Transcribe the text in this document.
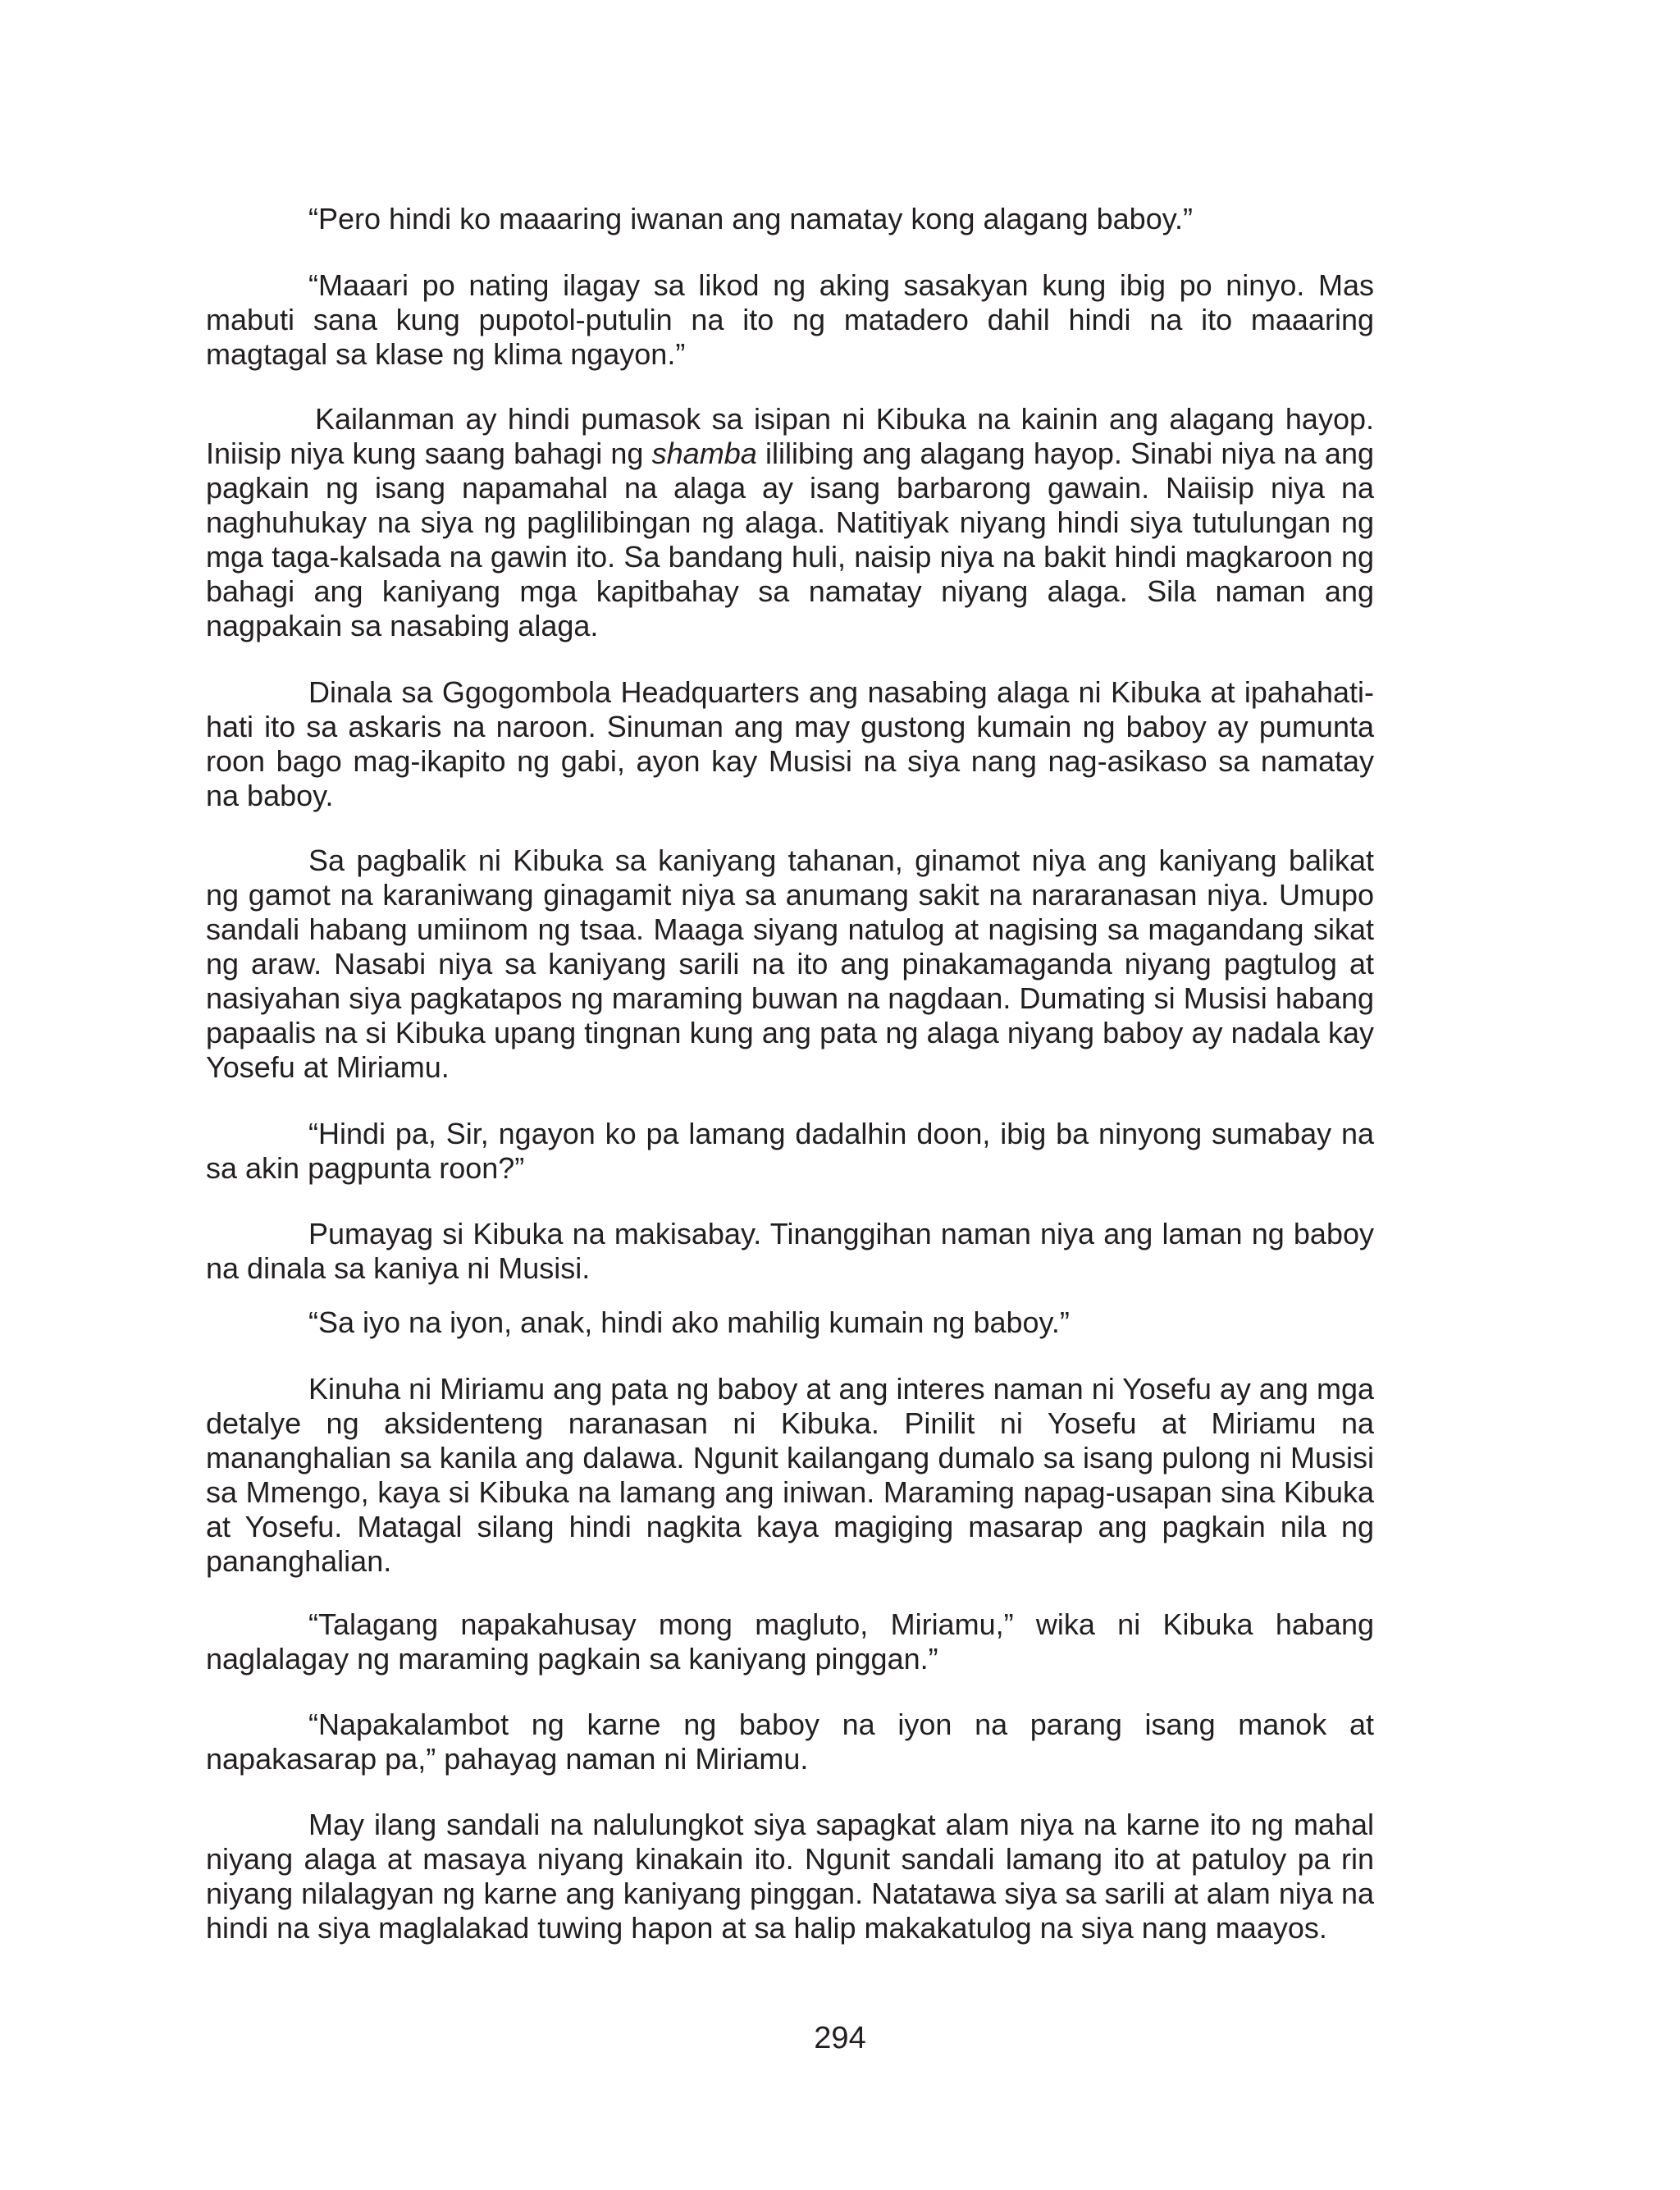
“Pero hindi ko maaaring iwanan ang namatay kong alagang baboy.”

“Maaari po nating ilagay sa likod ng aking sasakyan kung ibig po ninyo. Mas mabuti sana kung pupotol-putulin na ito ng matadero dahil hindi na ito maaaring magtagal sa klase ng klima ngayon.”

Kailanman ay hindi pumasok sa isipan ni Kibuka na kainin ang alagang hayop. Iniisip niya kung saang bahagi ng shamba ililibing ang alagang hayop. Sinabi niya na ang pagkain ng isang napamahal na alaga ay isang barbarong gawain. Naiisip niya na naghuhukay na siya ng paglilibingan ng alaga. Natitiyak niyang hindi siya tutulungan ng mga taga-kalsada na gawin ito. Sa bandang huli, naisip niya na bakit hindi magkaroon ng bahagi ang kaniyang mga kapitbahay sa namatay niyang alaga. Sila naman ang nagpakain sa nasabing alaga.

Dinala sa Ggogombola Headquarters ang nasabing alaga ni Kibuka at ipahahati-hati ito sa askaris na naroon. Sinuman ang may gustong kumain ng baboy ay pumunta roon bago mag-ikapito ng gabi, ayon kay Musisi na siya nang nag-asikaso sa namatay na baboy.

Sa pagbalik ni Kibuka sa kaniyang tahanan, ginamot niya ang kaniyang balikat ng gamot na karaniwang ginagamit niya sa anumang sakit na nararanasan niya. Umupo sandali habang umiinom ng tsaa. Maaga siyang natulog at nagising sa magandang sikat ng araw. Nasabi niya sa kaniyang sarili na ito ang pinakamaganda niyang pagtulog at nasiyahan siya pagkatapos ng maraming buwan na nagdaan. Dumating si Musisi habang papaalis na si Kibuka upang tingnan kung ang pata ng alaga niyang baboy ay nadala kay Yosefu at Miriamu.

“Hindi pa, Sir, ngayon ko pa lamang dadalhin doon, ibig ba ninyong sumabay na sa akin pagpunta roon?”

Pumayag si Kibuka na makisabay. Tinanggihan naman niya ang laman ng baboy na dinala sa kaniya ni Musisi.

“Sa iyo na iyon, anak, hindi ako mahilig kumain ng baboy.”

Kinuha ni Miriamu ang pata ng baboy at ang interes naman ni Yosefu ay ang mga detalye ng aksidenteng naranasan ni Kibuka. Pinilit ni Yosefu at Miriamu na mananghalian sa kanila ang dalawa. Ngunit kailangang dumalo sa isang pulong ni Musisi sa Mmengo, kaya si Kibuka na lamang ang iniwan. Maraming napag-usapan sina Kibuka at Yosefu. Matagal silang hindi nagkita kaya magiging masarap ang pagkain nila ng pananghalian.

“Talagang napakahusay mong magluto, Miriamu,” wika ni Kibuka habang naglalagay ng maraming pagkain sa kaniyang pinggan.”

“Napakalambot ng karne ng baboy na iyon na parang isang manok at napakasarap pa,” pahayag naman ni Miriamu.

May ilang sandali na nalulungkot siya sapagkat alam niya na karne ito ng mahal niyang alaga at masaya niyang kinakain ito. Ngunit sandali lamang ito at patuloy pa rin niyang nilalagyan ng karne ang kaniyang pinggan. Natatawa siya sa sarili at alam niya na hindi na siya maglalakad tuwing hapon at sa halip makakatulog na siya nang maayos.

294
